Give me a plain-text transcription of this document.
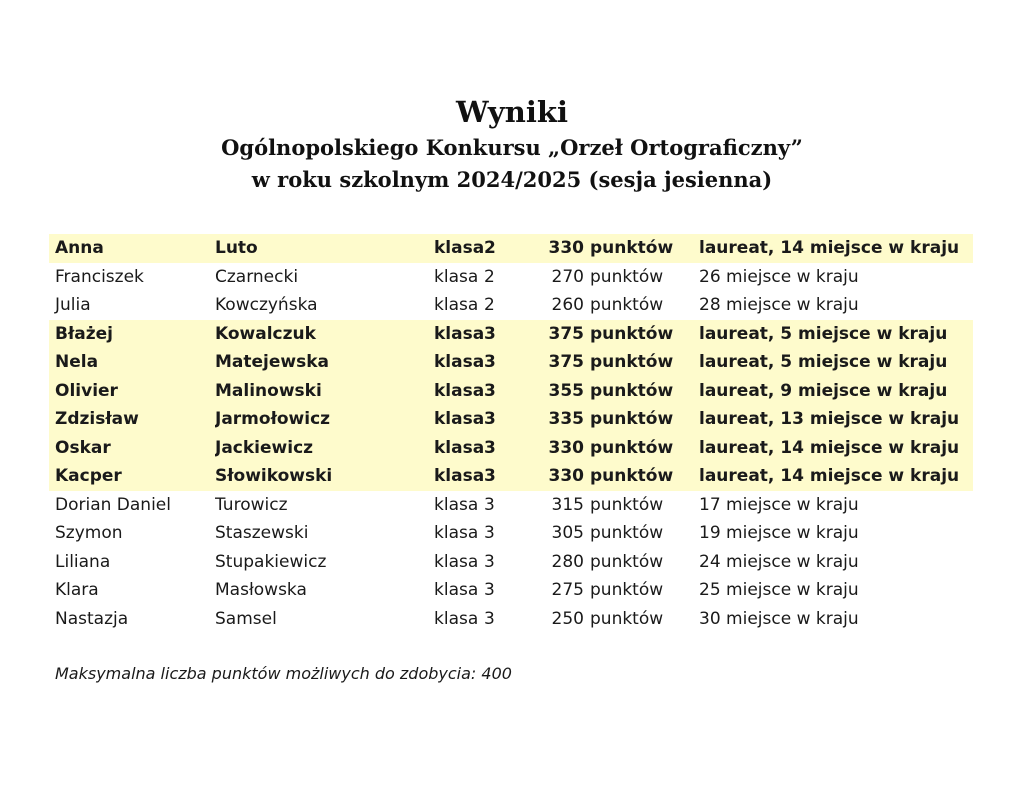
Wyniki
Ogólnopolskiego Konkursu „Orzeł Ortograficzny”
w roku szkolnym 2024/2025 (sesja jesienna)
Anna	Luto	klasa	2	330	punktów	laureat, 14 miejsce w kraju
Franciszek	Czarnecki	klasa	2	270	punktów	26 miejsce w kraju
Julia	Kowczyńska	klasa	2	260	punktów	28 miejsce w kraju
Błażej	Kowalczuk	klasa	3	375	punktów	laureat, 5 miejsce w kraju
Nela	Matejewska	klasa	3	375	punktów	laureat, 5 miejsce w kraju
Olivier	Malinowski	klasa	3	355	punktów	laureat, 9 miejsce w kraju
Zdzisław	Jarmołowicz	klasa	3	335	punktów	laureat, 13 miejsce w kraju
Oskar	Jackiewicz	klasa	3	330	punktów	laureat, 14 miejsce w kraju
Kacper	Słowikowski	klasa	3	330	punktów	laureat, 14 miejsce w kraju
Dorian Daniel	Turowicz	klasa	3	315	punktów	17 miejsce w kraju
Szymon	Staszewski	klasa	3	305	punktów	19 miejsce w kraju
Liliana	Stupakiewicz	klasa	3	280	punktów	24 miejsce w kraju
Klara	Masłowska	klasa	3	275	punktów	25 miejsce w kraju
Nastazja	Samsel	klasa	3	250	punktów	30 miejsce w kraju
Maksymalna liczba punktów możliwych do zdobycia: 400
